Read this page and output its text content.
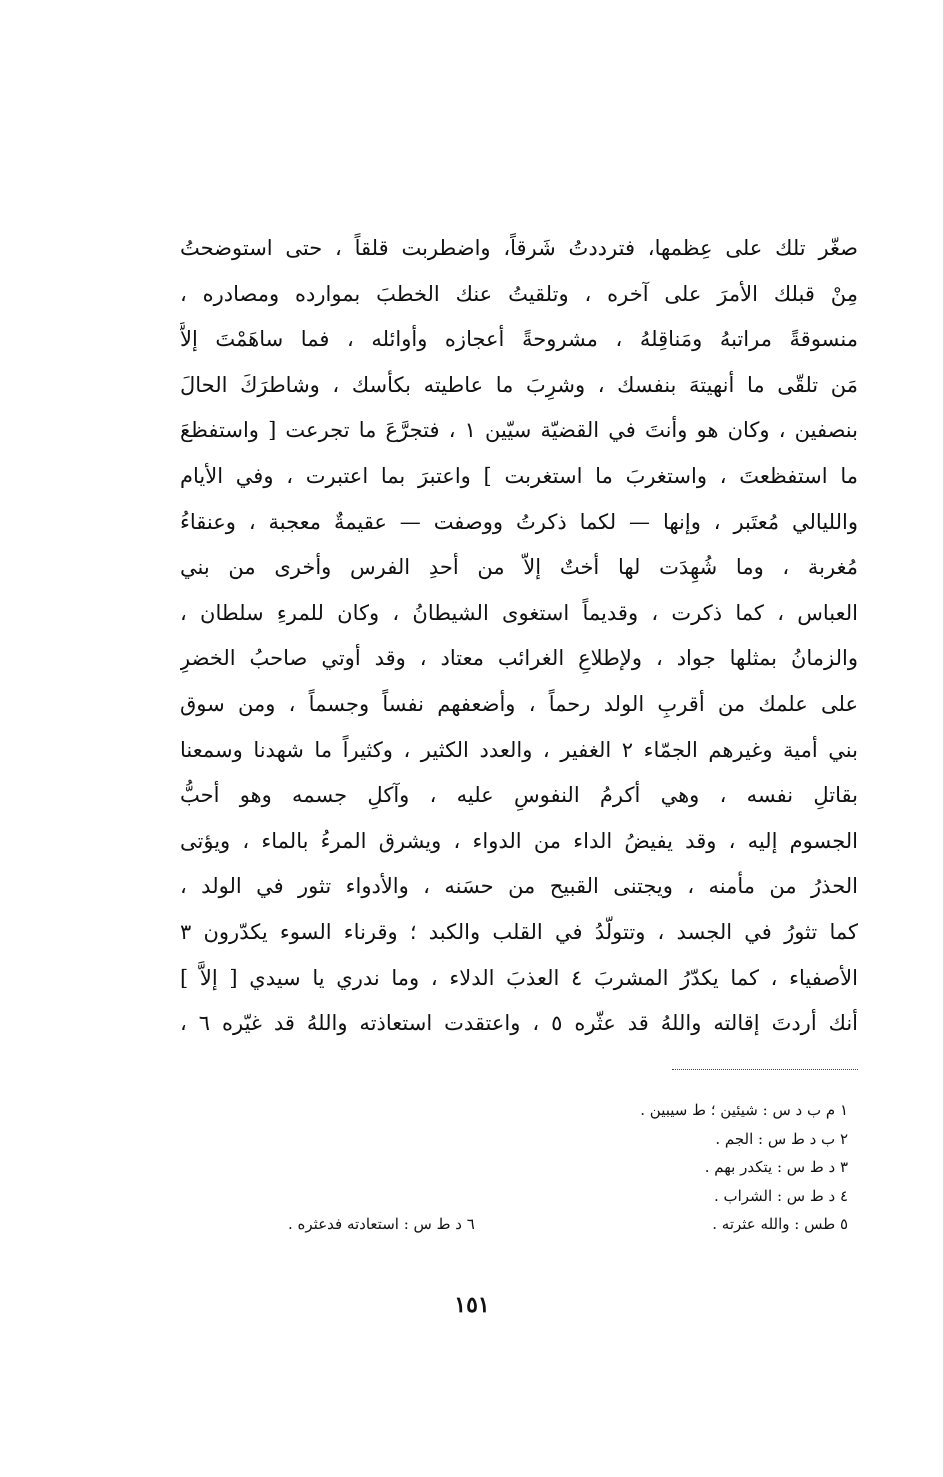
صغّر تلك على عِظمها، فترددتُ شَرقاً، واضطربت قلقاً ، حتى استوضحتُ
مِنْ قبلك الأمرَ على آخره ، وتلقيتُ عنك الخطبَ بموارده ومصادره ،
منسوقةً مراتبهُ ومَناقِلهُ ، مشروحةً أعجازه وأوائله ، فما ساهَمْتَ إلاَّ
مَن تلقّى ما أنهيتهَ بنفسك ، وشرِبَ ما عاطيته بكأسك ، وشاطرَكَ الحالَ
بنصفين ، وكان هو وأنتَ في القضيّة سيّين ١ ، فتجرَّعَ ما تجرعت [ واستفظعَ
ما استفظعتَ ، واستغربَ ما استغربت ] واعتبرَ بما اعتبرت ، وفي الأيام
والليالي مُعتَبر ، وإنها — لكما ذكرتُ ووصفت — عقيمةٌ معجبة ، وعنقاءُ
مُغربة ، وما شُهِدَت لها أختٌ إلاّ من أحدِ الفرس وأخرى من بني
العباس ، كما ذكرت ، وقديماً استغوى الشيطانُ ، وكان للمرءِ سلطان ،
والزمانُ بمثلها جواد ، ولإطلاعِ الغرائب معتاد ، وقد أوتي صاحبُ الخضرِ
على علمك من أقربِ الولد رحماً ، وأضعفهم نفساً وجسماً ، ومن سوق
بني أمية وغيرهم الجمّاء ٢ الغفير ، والعدد الكثير ، وكثيراً ما شهدنا وسمعنا
بقاتلِ نفسه ، وهي أكرمُ النفوسِ عليه ، وآكلِ جسمه وهو أحبُّ
الجسوم إليه ، وقد يفيضُ الداء من الدواء ، ويشرق المرءُ بالماء ، ويؤتى
الحذرُ من مأمنه ، ويجتنى القبيح من حسَنه ، والأدواء تثور في الولد ،
كما تثورُ في الجسد ، وتتولّدُ في القلب والكبد ؛ وقرناء السوء يكدّرون ٣
الأصفياء ، كما يكدّرُ المشربَ ٤ العذبَ الدلاء ، وما ندري يا سيدي [ إلاَّ ]
أنك أردتَ إقالته واللهُ قد عثّره ٥ ، واعتقدت استعاذته واللهُ قد غيّره ٦ ،
١ م ب د س : شيئين ؛ ط سيبين .
٢ ب د ط س : الجم .
٣ د ط س : يتكدر بهم .
٤ د ط س : الشراب .
٥ طس : والله عثرته .
٦ د ط س : استعادته فدعثره .
١٥١
